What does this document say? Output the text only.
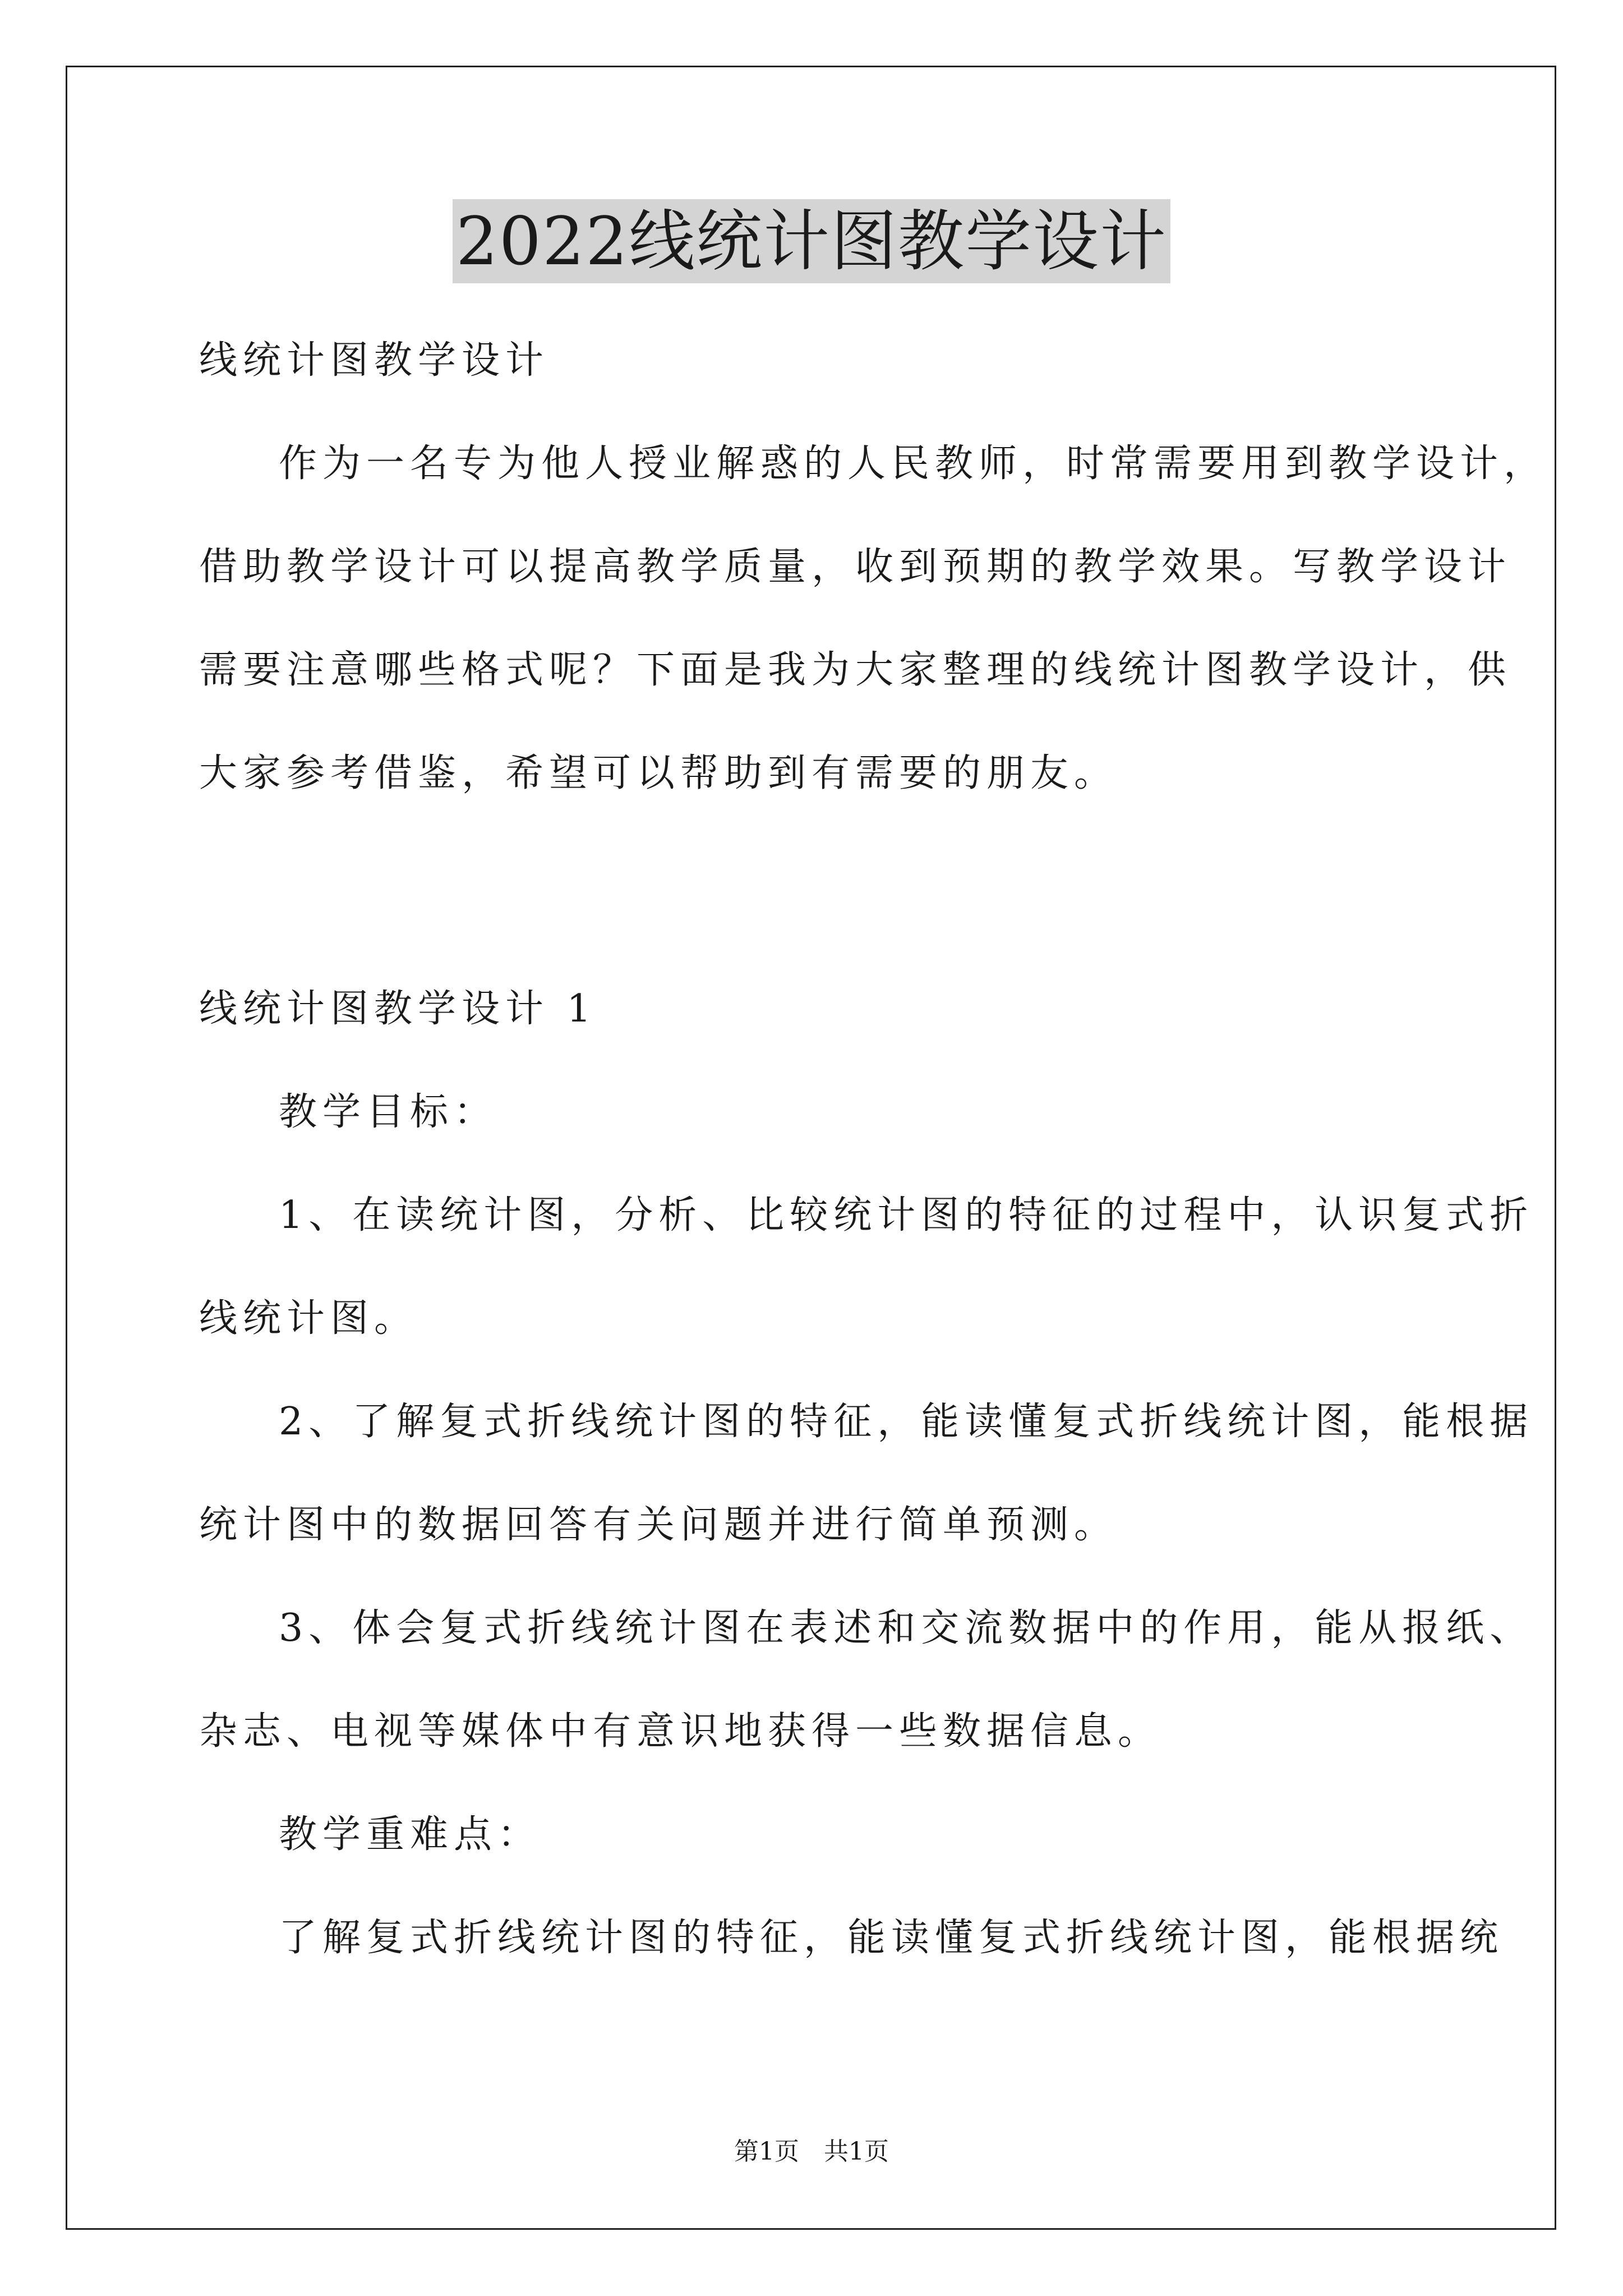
2022线统计图教学设计
线统计图教学设计
作为一名专为他人授业解惑的人民教师，时常需要用到教学设计，
借助教学设计可以提高教学质量，收到预期的教学效果。写教学设计
需要注意哪些格式呢？下面是我为大家整理的线统计图教学设计，供
大家参考借鉴，希望可以帮助到有需要的朋友。
线统计图教学设计 1
教学目标：
1、在读统计图，分析、比较统计图的特征的过程中，认识复式折
线统计图。
2、了解复式折线统计图的特征，能读懂复式折线统计图，能根据
统计图中的数据回答有关问题并进行简单预测。
3、体会复式折线统计图在表述和交流数据中的作用，能从报纸、
杂志、电视等媒体中有意识地获得一些数据信息。
教学重难点：
了解复式折线统计图的特征，能读懂复式折线统计图，能根据统
第1页　共1页
